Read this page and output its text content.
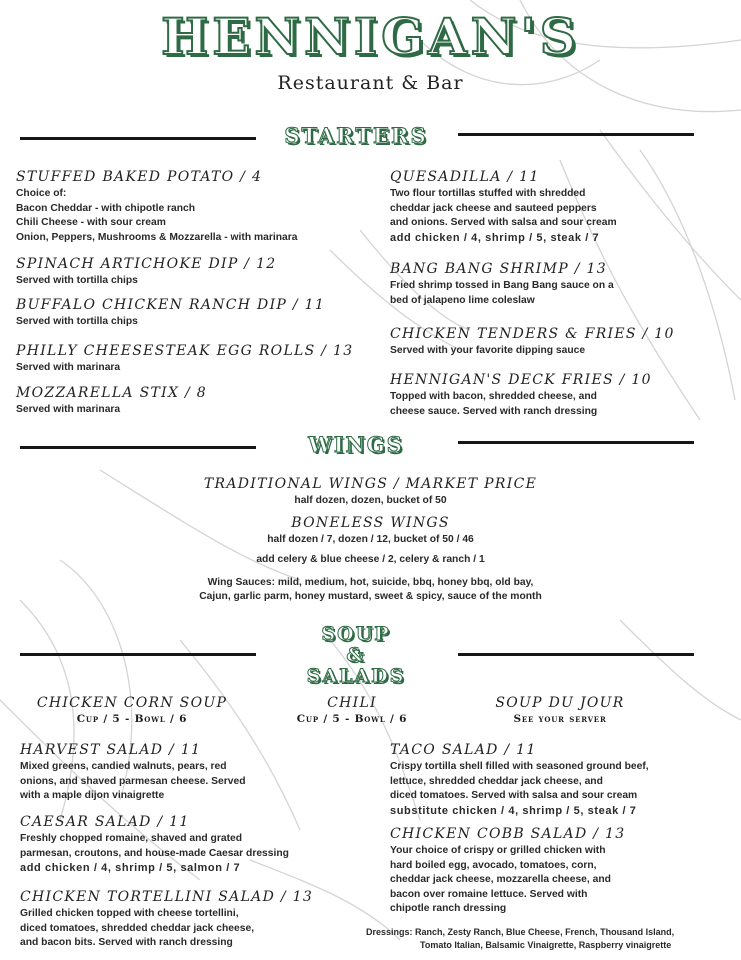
HENNIGAN'S
Restaurant & Bar
STARTERS
STUFFED BAKED POTATO / 4
Choice of:
Bacon Cheddar - with chipotle ranch
Chili Cheese - with sour cream
Onion, Peppers, Mushrooms & Mozzarella - with marinara
SPINACH ARTICHOKE DIP / 12
Served with tortilla chips
BUFFALO CHICKEN RANCH DIP / 11
Served with tortilla chips
PHILLY CHEESESTEAK EGG ROLLS / 13
Served with marinara
MOZZARELLA STIX / 8
Served with marinara
QUESADILLA / 11
Two flour tortillas stuffed with shredded
cheddar jack cheese and sauteed peppers
and onions. Served with salsa and sour cream
add chicken / 4, shrimp / 5, steak / 7
BANG BANG SHRIMP / 13
Fried shrimp tossed in Bang Bang sauce on a
bed of jalapeno lime coleslaw
CHICKEN TENDERS & FRIES / 10
Served with your favorite dipping sauce
HENNIGAN'S DECK FRIES / 10
Topped with bacon, shredded cheese, and
cheese sauce. Served with ranch dressing
WINGS
TRADITIONAL WINGS / MARKET PRICE
half dozen, dozen, bucket of 50
BONELESS WINGS
half dozen / 7, dozen / 12, bucket of 50 / 46
add celery & blue cheese / 2, celery & ranch / 1
Wing Sauces: mild, medium, hot, suicide, bbq, honey bbq, old bay,
Cajun, garlic parm, honey mustard, sweet & spicy, sauce of the month
SOUP
&
SALADS
CHICKEN CORN SOUP
Cup / 5 - Bowl / 6
CHILI
Cup / 5 - Bowl / 6
SOUP DU JOUR
See your server
HARVEST SALAD / 11
Mixed greens, candied walnuts, pears, red
onions, and shaved parmesan cheese. Served
with a maple dijon vinaigrette
CAESAR SALAD / 11
Freshly chopped romaine, shaved and grated
parmesan, croutons, and house-made Caesar dressing
add chicken / 4, shrimp / 5, salmon / 7
CHICKEN TORTELLINI SALAD / 13
Grilled chicken topped with cheese tortellini,
diced tomatoes, shredded cheddar jack cheese,
and bacon bits. Served with ranch dressing
TACO SALAD / 11
Crispy tortilla shell filled with seasoned ground beef,
lettuce, shredded cheddar jack cheese, and
diced tomatoes. Served with salsa and sour cream
substitute chicken / 4, shrimp / 5, steak / 7
CHICKEN COBB SALAD / 13
Your choice of crispy or grilled chicken with
hard boiled egg, avocado, tomatoes, corn,
cheddar jack cheese, mozzarella cheese, and
bacon over romaine lettuce. Served with
chipotle ranch dressing
Dressings: Ranch, Zesty Ranch, Blue Cheese, French, Thousand Island,
Tomato Italian, Balsamic Vinaigrette, Raspberry vinaigrette
